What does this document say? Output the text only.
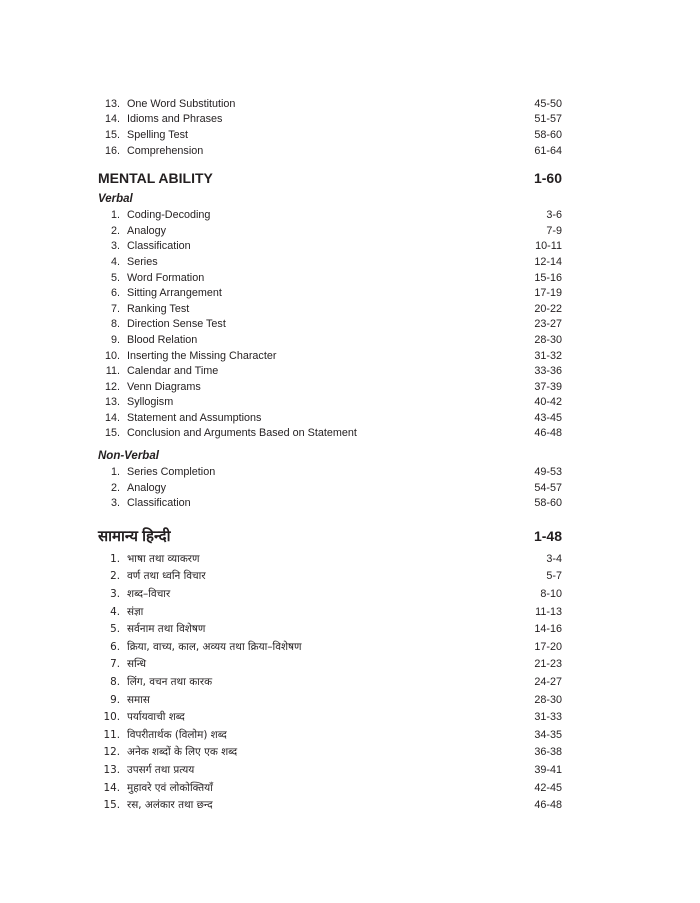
13. One Word Substitution	45-50
14. Idioms and Phrases	51-57
15. Spelling Test	58-60
16. Comprehension	61-64
MENTAL ABILITY	1-60
Verbal
1. Coding-Decoding	3-6
2. Analogy	7-9
3. Classification	10-11
4. Series	12-14
5. Word Formation	15-16
6. Sitting Arrangement	17-19
7. Ranking Test	20-22
8. Direction Sense Test	23-27
9. Blood Relation	28-30
10. Inserting the Missing Character	31-32
11. Calendar and Time	33-36
12. Venn Diagrams	37-39
13. Syllogism	40-42
14. Statement and Assumptions	43-45
15. Conclusion and Arguments Based on Statement	46-48
Non-Verbal
1. Series Completion	49-53
2. Analogy	54-57
3. Classification	58-60
सामान्य हिन्दी	1-48
1. भाषा तथा व्याकरण	3-4
2. वर्ण तथा ध्वनि विचार	5-7
3. शब्द–विचार	8-10
4. संज्ञा	11-13
5. सर्वनाम तथा विशेषण	14-16
6. क्रिया, वाच्य, काल, अव्यय तथा क्रिया–विशेषण	17-20
7. सन्धि	21-23
8. लिंग, वचन तथा कारक	24-27
9. समास	28-30
10. पर्यायवाची शब्द	31-33
11. विपरीतार्थक (विलोम) शब्द	34-35
12. अनेक शब्दों के लिए एक शब्द	36-38
13. उपसर्ग तथा प्रत्यय	39-41
14. मुहावरे एवं लोकोक्तियाँ	42-45
15. रस, अलंकार तथा छन्द	46-48
